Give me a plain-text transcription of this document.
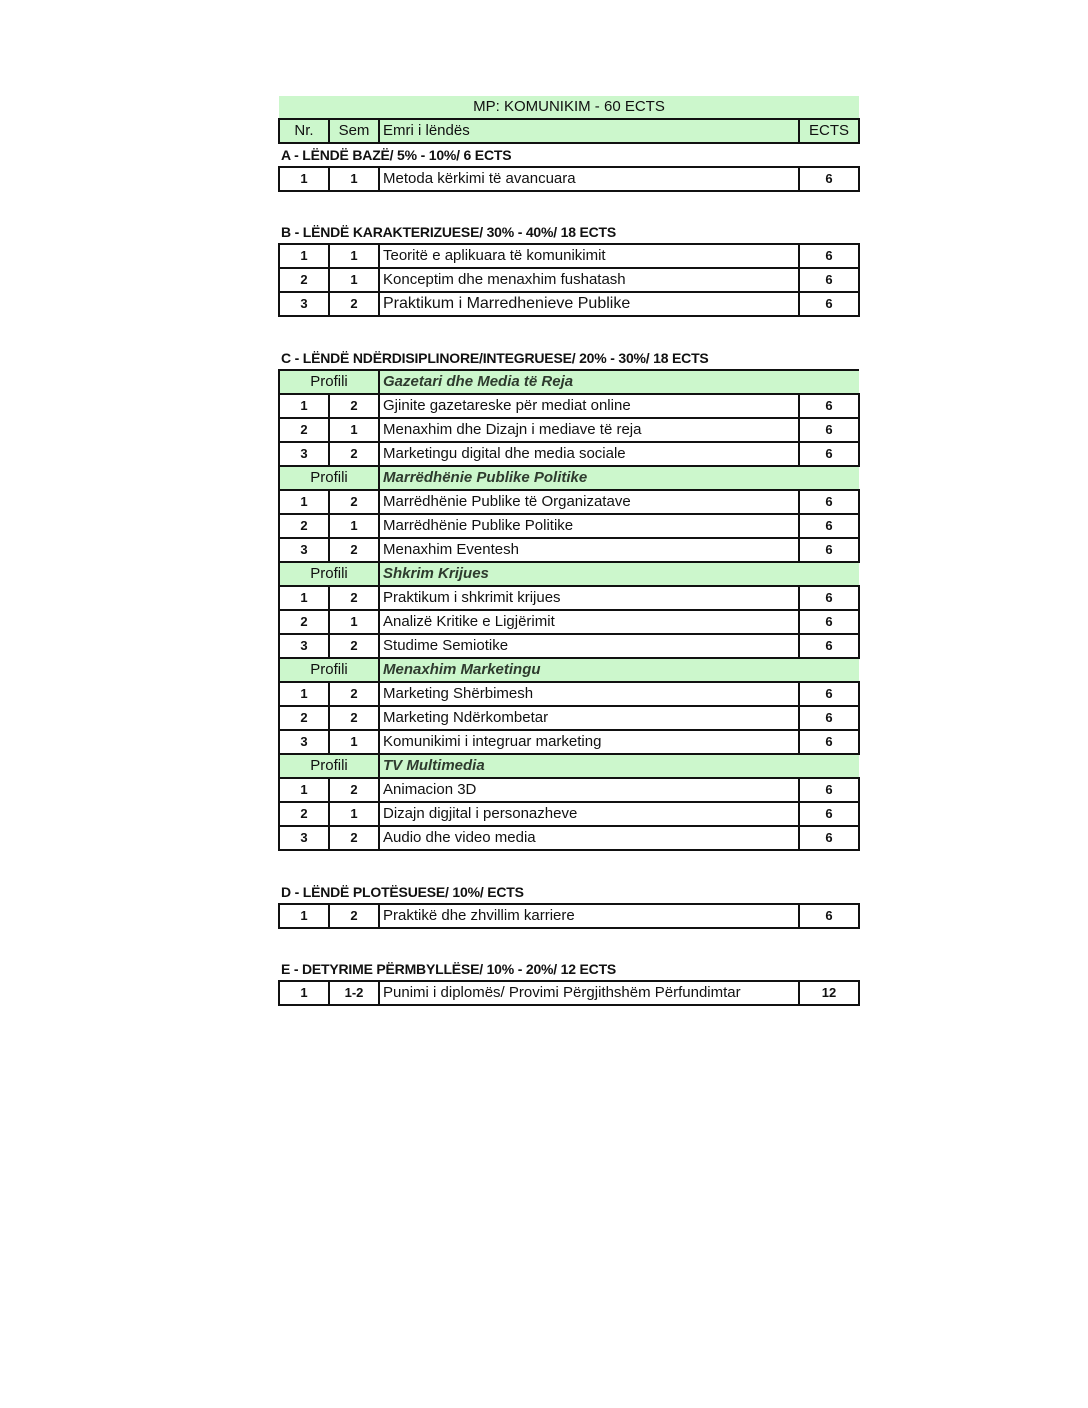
MP: KOMUNIKIM - 60 ECTS
Nr.	Sem	Emri i lëndës	ECTS
A - LËNDË BAZË/ 5% - 10%/ 6 ECTS
1	1	Metoda kërkimi të avancuara	6
B - LËNDË KARAKTERIZUESE/ 30% - 40%/ 18 ECTS
1	1	Teoritë e aplikuara të komunikimit	6
2	1	Konceptim dhe menaxhim fushatash	6
3	2	Praktikum i Marredhenieve Publike	6
C - LËNDË NDËRDISIPLINORE/INTEGRUESE/ 20% - 30%/ 18 ECTS
Profili		Gazetari dhe Media të Reja	
1	2	Gjinite gazetareske për mediat online	6
2	1	Menaxhim dhe Dizajn i mediave të reja	6
3	2	Marketingu digital dhe media sociale	6
Profili		Marrëdhënie Publike Politike	
1	2	Marrëdhënie Publike të Organizatave	6
2	1	Marrëdhënie Publike Politike	6
3	2	Menaxhim Eventesh	6
Profili		Shkrim Krijues	
1	2	Praktikum i shkrimit krijues	6
2	1	Analizë Kritike e Ligjërimit	6
3	2	Studime Semiotike	6
Profili		Menaxhim Marketingu	
1	2	Marketing Shërbimesh	6
2	2	Marketing Ndërkombetar	6
3	1	Komunikimi i integruar marketing	6
Profili		TV Multimedia	
1	2	Animacion 3D	6
2	1	Dizajn digjital i personazheve	6
3	2	Audio dhe video media	6
D - LËNDË PLOTËSUESE/ 10%/ ECTS
1	2	Praktikë dhe zhvillim karriere	6
E - DETYRIME PËRMBYLLËSE/ 10% - 20%/ 12 ECTS
1	1-2	Punimi i diplomës/ Provimi Përgjithshëm Përfundimtar	12
